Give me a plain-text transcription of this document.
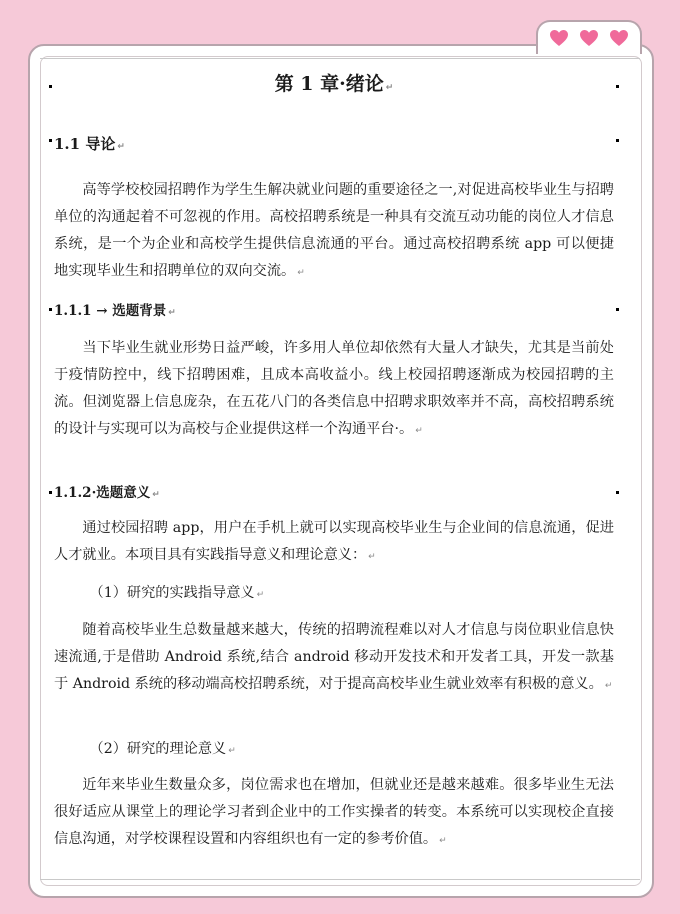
第 1 章·绪论 ↵
1.1 导论 ↵

高等学校校园招聘作为学生生解决就业问题的重要途径之一,对促进高校毕业生与招聘单位的沟通起着不可忽视的作用。高校招聘系统是一种具有交流互动功能的岗位人才信息系统，是一个为企业和高校学生提供信息流通的平台。通过高校招聘系统 app 可以便捷地实现毕业生和招聘单位的双向交流。 ↵

1.1.1 → 选题背景 ↵

当下毕业生就业形势日益严峻，许多用人单位却依然有大量人才缺失，尤其是当前处于疫情防控中，线下招聘困难，且成本高收益小。线上校园招聘逐渐成为校园招聘的主流。但浏览器上信息庞杂，在五花八门的各类信息中招聘求职效率并不高，高校招聘系统的设计与实现可以为高校与企业提供这样一个沟通平台·。 ↵

1.1.2·选题意义 ↵

通过校园招聘 app，用户在手机上就可以实现高校毕业生与企业间的信息流通，促进人才就业。本项目具有实践指导意义和理论意义： ↵

（1）研究的实践指导意义 ↵

随着高校毕业生总数量越来越大，传统的招聘流程难以对人才信息与岗位职业信息快速流通,于是借助 Android 系统,结合 android 移动开发技术和开发者工具，开发一款基于 Android 系统的移动端高校招聘系统，对于提高高校毕业生就业效率有积极的意义。 ↵

（2）研究的理论意义 ↵

近年来毕业生数量众多，岗位需求也在增加，但就业还是越来越难。很多毕业生无法很好适应从课堂上的理论学习者到企业中的工作实操者的转变。本系统可以实现校企直接信息沟通，对学校课程设置和内容组织也有一定的参考价值。 ↵
